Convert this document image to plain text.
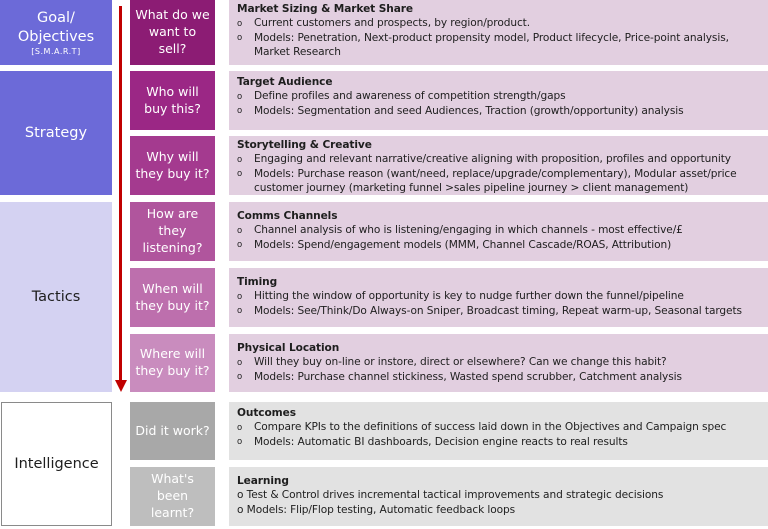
Goal/
Objectives
[S.M.A.R.T]
Strategy
Tactics
Intelligence
What do we
want to
sell?
Market Sizing & Market Share
o Current customers and prospects, by region/product.
o Models: Penetration, Next-product propensity model, Product lifecycle, Price-point analysis, Market Research
Who will
buy this?
Target Audience
o Define profiles and awareness of competition strength/gaps
o Models: Segmentation and seed Audiences, Traction (growth/opportunity) analysis
Why will
they buy it?
Storytelling & Creative
o Engaging and relevant narrative/creative aligning with proposition, profiles and opportunity
o Models: Purchase reason (want/need, replace/upgrade/complementary), Modular asset/price customer journey (marketing funnel >sales pipeline journey > client management)
How are
they
listening?
Comms Channels
o Channel analysis of who is listening/engaging in which channels - most effective/£
o Models: Spend/engagement models (MMM, Channel Cascade/ROAS, Attribution)
When will
they buy it?
Timing
o Hitting the window of opportunity is key to nudge further down the funnel/pipeline
o Models: See/Think/Do Always-on Sniper, Broadcast timing, Repeat warm-up, Seasonal targets
Where will
they buy it?
Physical Location
o Will they buy on-line or instore, direct or elsewhere? Can we change this habit?
o Models: Purchase channel stickiness, Wasted spend scrubber, Catchment analysis
Did it work?
Outcomes
o Compare KPIs to the definitions of success laid down in the Objectives and Campaign spec
o Models: Automatic BI dashboards, Decision engine reacts to real results
What's
been
learnt?
Learning
o Test & Control drives incremental tactical improvements and strategic decisions
o Models: Flip/Flop testing, Automatic feedback loops
